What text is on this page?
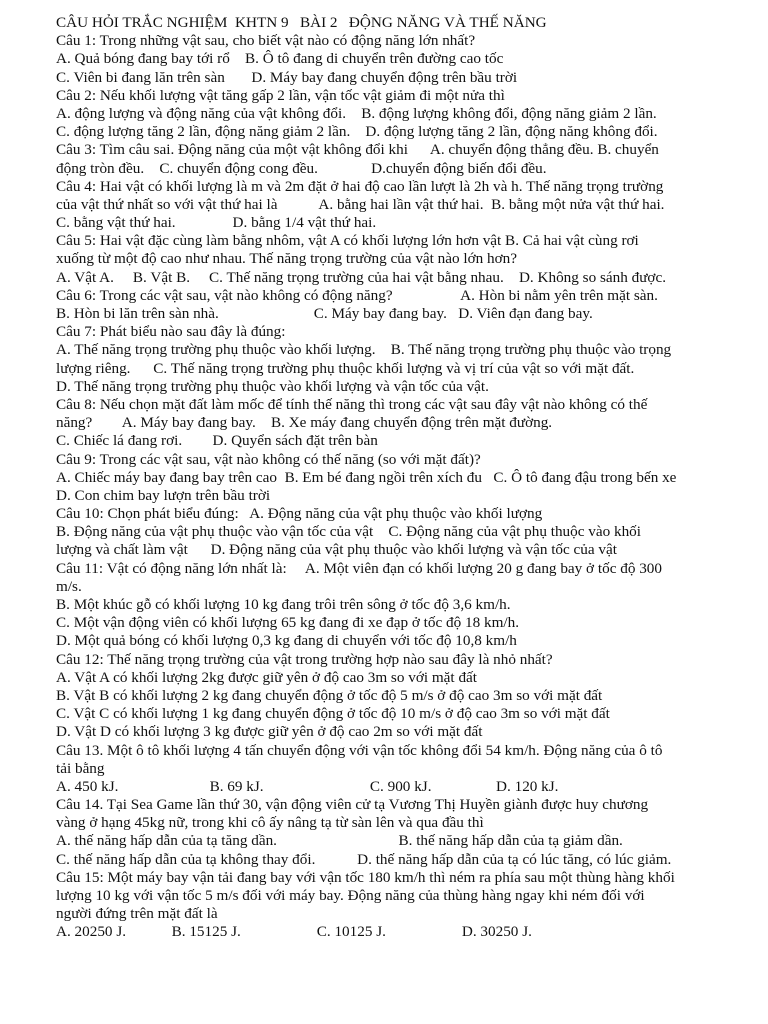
CÂU HỎI TRẮC NGHIỆM  KHTN 9   BÀI 2   ĐỘNG NĂNG VÀ THẾ NĂNG
Câu 1: Trong những vật sau, cho biết vật nào có động năng lớn nhất?
A. Quả bóng đang bay tới rổ    B. Ô tô đang di chuyển trên đường cao tốc
C. Viên bi đang lăn trên sàn       D. Máy bay đang chuyển động trên bầu trời
Câu 2: Nếu khối lượng vật tăng gấp 2 lần, vận tốc vật giảm đi một nửa thì
A. động lượng và động năng của vật không đổi.    B. động lượng không đổi, động năng giảm 2 lần.
C. động lượng tăng 2 lần, động năng giảm 2 lần.    D. động lượng tăng 2 lần, động năng không đổi.
Câu 3: Tìm câu sai. Động năng của một vật không đổi khi      A. chuyển động thẳng đều. B. chuyển
động tròn đều.    C. chuyển động cong đều.              D.chuyển động biến đổi đều.
Câu 4: Hai vật có khối lượng là m và 2m đặt ở hai độ cao lần lượt là 2h và h. Thế năng trọng trường
của vật thứ nhất so với vật thứ hai là           A. bằng hai lần vật thứ hai.  B. bằng một nửa vật thứ hai.
C. bằng vật thứ hai.               D. bằng 1/4 vật thứ hai.
Câu 5: Hai vật đặc cùng làm bằng nhôm, vật A có khối lượng lớn hơn vật B. Cả hai vật cùng rơi
xuống từ một độ cao như nhau. Thế năng trọng trường của vật nào lớn hơn?
A. Vật A.     B. Vật B.     C. Thế năng trọng trường của hai vật bằng nhau.    D. Không so sánh được.
Câu 6: Trong các vật sau, vật nào không có động năng?                  A. Hòn bi nằm yên trên mặt sàn.
B. Hòn bi lăn trên sàn nhà.                         C. Máy bay đang bay.   D. Viên đạn đang bay.
Câu 7: Phát biểu nào sau đây là đúng:
A. Thế năng trọng trường phụ thuộc vào khối lượng.    B. Thế năng trọng trường phụ thuộc vào trọng
lượng riêng.      C. Thế năng trọng trường phụ thuộc khối lượng và vị trí của vật so với mặt đất.
D. Thế năng trọng trường phụ thuộc vào khối lượng và vận tốc của vật.
Câu 8: Nếu chọn mặt đất làm mốc để tính thế năng thì trong các vật sau đây vật nào không có thế
năng?        A. Máy bay đang bay.    B. Xe máy đang chuyển động trên mặt đường.
C. Chiếc lá đang rơi.        D. Quyển sách đặt trên bàn
Câu 9: Trong các vật sau, vật nào không có thế năng (so với mặt đất)?
A. Chiếc máy bay đang bay trên cao  B. Em bé đang ngồi trên xích đu   C. Ô tô đang đậu trong bến xe
D. Con chim bay lượn trên bầu trời
Câu 10: Chọn phát biểu đúng:   A. Động năng của vật phụ thuộc vào khối lượng
B. Động năng của vật phụ thuộc vào vận tốc của vật    C. Động năng của vật phụ thuộc vào khối
lượng và chất làm vật      D. Động năng của vật phụ thuộc vào khối lượng và vận tốc của vật
Câu 11: Vật có động năng lớn nhất là:     A. Một viên đạn có khối lượng 20 g đang bay ở tốc độ 300
m/s.
B. Một khúc gỗ có khối lượng 10 kg đang trôi trên sông ở tốc độ 3,6 km/h.
C. Một vận động viên có khối lượng 65 kg đang đi xe đạp ở tốc độ 18 km/h.
D. Một quả bóng có khối lượng 0,3 kg đang di chuyển với tốc độ 10,8 km/h
Câu 12: Thế năng trọng trường của vật trong trường hợp nào sau đây là nhỏ nhất?
A. Vật A có khối lượng 2kg được giữ yên ở độ cao 3m so với mặt đất
B. Vật B có khối lượng 2 kg đang chuyển động ở tốc độ 5 m/s ở độ cao 3m so với mặt đất
C. Vật C có khối lượng 1 kg đang chuyển động ở tốc độ 10 m/s ở độ cao 3m so với mặt đất
D. Vật D có khối lượng 3 kg được giữ yên ở độ cao 2m so với mặt đất
Câu 13. Một ô tô khối lượng 4 tấn chuyển động với vận tốc không đổi 54 km/h. Động năng của ô tô
tải bằng
A. 450 kJ.                        B. 69 kJ.                            C. 900 kJ.                 D. 120 kJ.
Câu 14. Tại Sea Game lần thứ 30, vận động viên cử tạ Vương Thị Huyền giành được huy chương
vàng ở hạng 45kg nữ, trong khi cô ấy nâng tạ từ sàn lên và qua đầu thì
A. thế năng hấp dẫn của tạ tăng dần.                                B. thế năng hấp dẫn của tạ giảm dần.
C. thế năng hấp dẫn của tạ không thay đổi.           D. thế năng hấp dẫn của tạ có lúc tăng, có lúc giảm.
Câu 15: Một máy bay vận tải đang bay với vận tốc 180 km/h thì ném ra phía sau một thùng hàng khối
lượng 10 kg với vận tốc 5 m/s đối với máy bay. Động năng của thùng hàng ngay khi ném đối với
người đứng trên mặt đất là
A. 20250 J.            B. 15125 J.                    C. 10125 J.                    D. 30250 J.
